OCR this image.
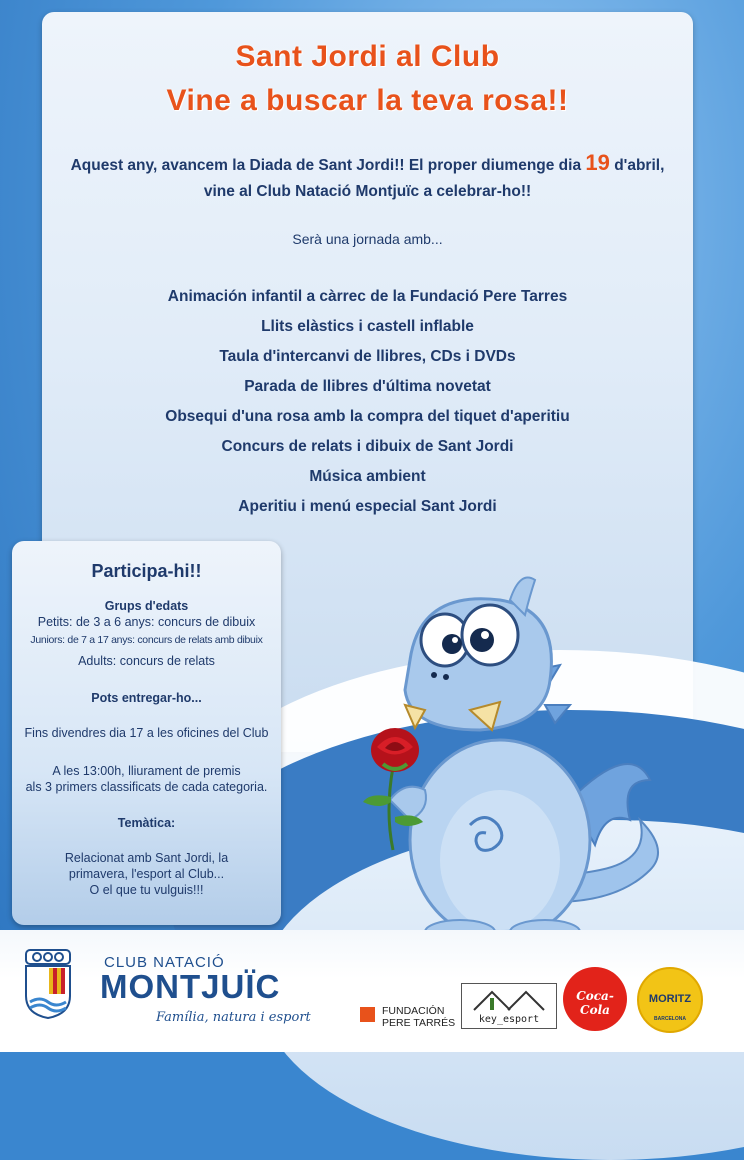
Sant Jordi al Club
Vine a buscar la teva rosa!!
Aquest any, avancem la Diada de Sant Jordi!! El proper diumenge dia 19 d'abril,
vine al Club Natació Montjuïc a celebrar-ho!!
Serà una jornada amb...
Animación infantil a càrrec de la Fundació Pere Tarres
Llits elàstics i castell inflable
Taula d'intercanvi de llibres, CDs i DVDs
Parada de llibres d'última novetat
Obsequi d'una rosa amb la compra del tiquet d'aperitiu
Concurs de relats i dibuix de Sant Jordi
Música ambient
Aperitiu i menú especial Sant Jordi
Participa-hi!!
Grups d'edats
Petits: de 3 a 6 anys: concurs de dibuix
Juniors: de 7 a 17 anys: concurs de relats amb dibuix
Adults: concurs de relats
Pots entregar-ho...
Fins divendres dia 17 a les oficines del Club
A les 13:00h, lliurament de premis
als 3 primers classificats de cada categoria.
Temàtica:
Relacionat amb Sant Jordi, la
primavera, l'esport al Club...
O el que tu vulguis!!!
CLUB NATACIÓ
MONTJUÏC
Família, natura i esport	FUNDACIÓN
PERE TARRÉS	key_esport
Coca-Cola
MORITZ
BARCELONA
